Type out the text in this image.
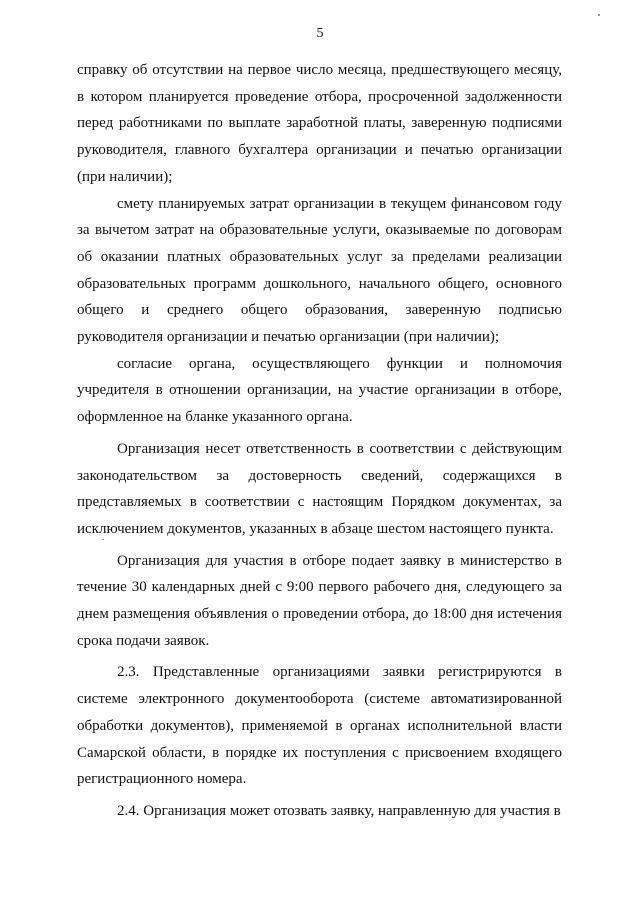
5

справку об отсутствии на первое число месяца, предшествующего месяцу, в котором планируется проведение отбора, просроченной задолженности перед работниками по выплате заработной платы, заверенную подписями руководителя, главного бухгалтера организации и печатью организации (при наличии);

смету планируемых затрат организации в текущем финансовом году за вычетом затрат на образовательные услуги, оказываемые по договорам об оказании платных образовательных услуг за пределами реализации образовательных программ дошкольного, начального общего, основного общего и среднего общего образования, заверенную подписью руководителя организации и печатью организации (при наличии);

согласие органа, осуществляющего функции и полномочия учредителя в отношении организации, на участие организации в отборе, оформленное на бланке указанного органа.

Организация несет ответственность в соответствии с действующим законодательством за достоверность сведений, содержащихся в представляемых в соответствии с настоящим Порядком документах, за исключением документов, указанных в абзаце шестом настоящего пункта.

Организация для участия в отборе подает заявку в министерство в течение 30 календарных дней с 9:00 первого рабочего дня, следующего за днем размещения объявления о проведении отбора, до 18:00 дня истечения срока подачи заявок.

2.3. Представленные организациями заявки регистрируются в системе электронного документооборота (системе автоматизированной обработки документов), применяемой в органах исполнительной власти Самарской области, в порядке их поступления с присвоением входящего регистрационного номера.

2.4. Организация может отозвать заявку, направленную для участия в
